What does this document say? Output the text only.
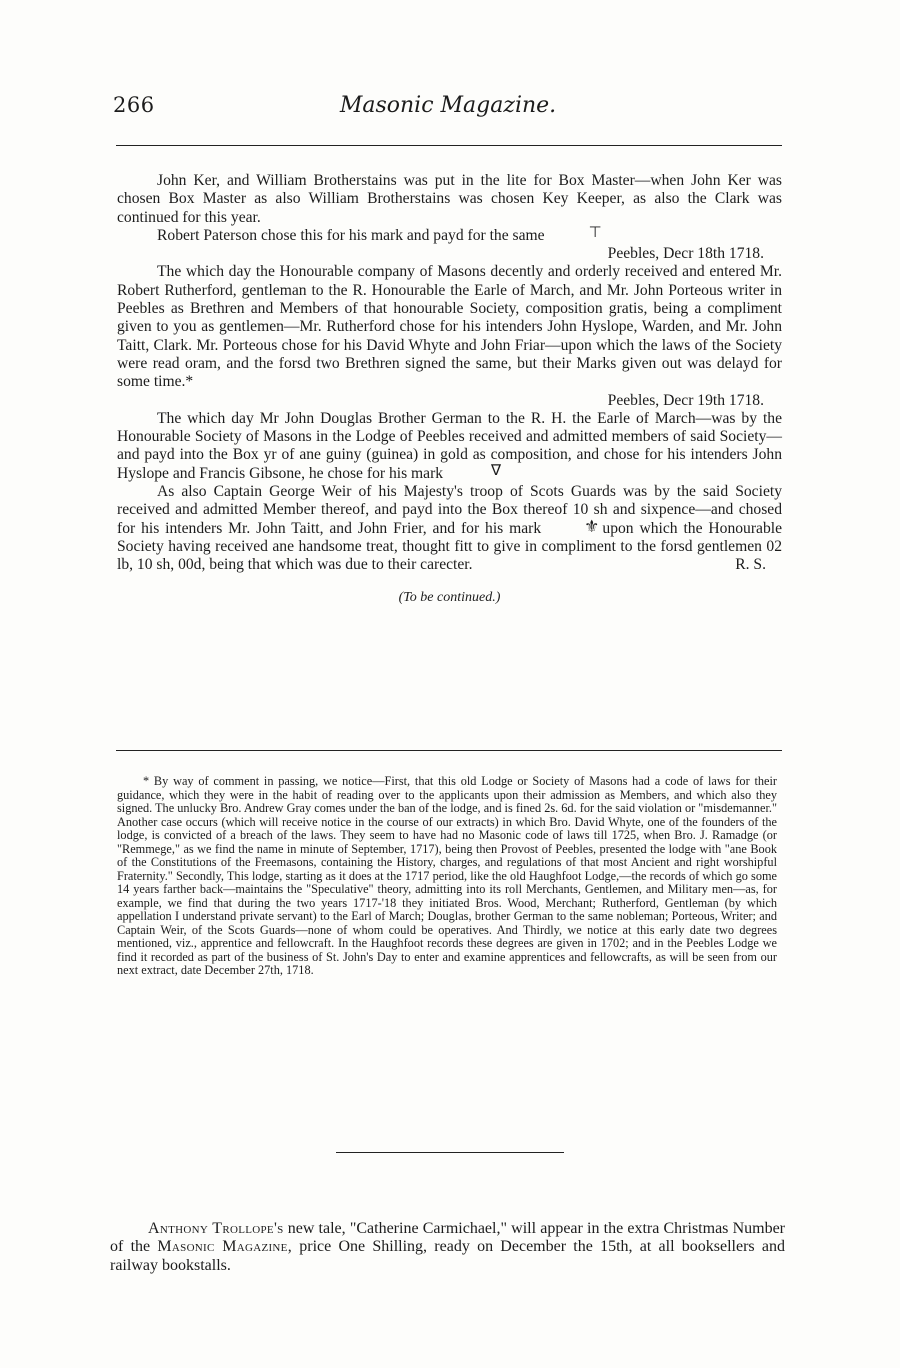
266	Masonic Magazine.

John Ker, and William Brotherstains was put in the lite for Box Master—when John Ker was chosen Box Master as also William Brotherstains was chosen Key Keeper, as also the Clark was continued for this year.

Robert Paterson chose this for his mark and payd for the same	⊤

Peebles, Decr 18th 1718.

The which day the Honourable company of Masons decently and orderly received and entered Mr. Robert Rutherford, gentleman to the R. Honourable the Earle of March, and Mr. John Porteous writer in Peebles as Brethren and Members of that honourable Society, composition gratis, being a compliment given to you as gentlemen—Mr. Rutherford chose for his intenders John Hyslope, Warden, and Mr. John Taitt, Clark. Mr. Porteous chose for his David Whyte and John Friar—upon which the laws of the Society were read oram, and the forsd two Brethren signed the same, but their Marks given out was delayd for some time.*

Peebles, Decr 19th 1718.

The which day Mr John Douglas Brother German to the R. H. the Earle of March—was by the Honourable Society of Masons in the Lodge of Peebles received and admitted members of said Society—and payd into the Box yr of ane guiny (guinea) in gold as composition, and chose for his intenders John Hyslope and Francis Gibsone, he chose for his mark	∇

As also Captain George Weir of his Majesty's troop of Scots Guards was by the said Society received and admitted Member thereof, and payd into the Box thereof 10 sh and sixpence—and chosed for his intenders Mr. John Taitt, and John Frier, and for his mark	⚜ upon which the Honourable Society having received ane handsome treat, thought fitt to give in compliment to the forsd gentlemen 02 lb, 10 sh, 00d, being that which was due to their carecter.	R. S.

(To be continued.)

* By way of comment in passing, we notice—First, that this old Lodge or Society of Masons had a code of laws for their guidance, which they were in the habit of reading over to the applicants upon their admission as Members, and which also they signed. The unlucky Bro. Andrew Gray comes under the ban of the lodge, and is fined 2s. 6d. for the said violation or "misdemanner." Another case occurs (which will receive notice in the course of our extracts) in which Bro. David Whyte, one of the founders of the lodge, is convicted of a breach of the laws. They seem to have had no Masonic code of laws till 1725, when Bro. J. Ramadge (or "Remmege," as we find the name in minute of September, 1717), being then Provost of Peebles, presented the lodge with "ane Book of the Constitutions of the Freemasons, containing the History, charges, and regulations of that most Ancient and right worshipful Fraternity." Secondly, This lodge, starting as it does at the 1717 period, like the old Haughfoot Lodge,—the records of which go some 14 years farther back—maintains the "Speculative" theory, admitting into its roll Merchants, Gentlemen, and Military men—as, for example, we find that during the two years 1717-'18 they initiated Bros. Wood, Merchant; Rutherford, Gentleman (by which appellation I understand private servant) to the Earl of March; Douglas, brother German to the same nobleman; Porteous, Writer; and Captain Weir, of the Scots Guards—none of whom could be operatives. And Thirdly, we notice at this early date two degrees mentioned, viz., apprentice and fellowcraft. In the Haughfoot records these degrees are given in 1702; and in the Peebles Lodge we find it recorded as part of the business of St. John's Day to enter and examine apprentices and fellowcrafts, as will be seen from our next extract, date December 27th, 1718.

Anthony Trollope's new tale, "Catherine Carmichael," will appear in the extra Christmas Number of the Masonic Magazine, price One Shilling, ready on December the 15th, at all booksellers and railway bookstalls.
